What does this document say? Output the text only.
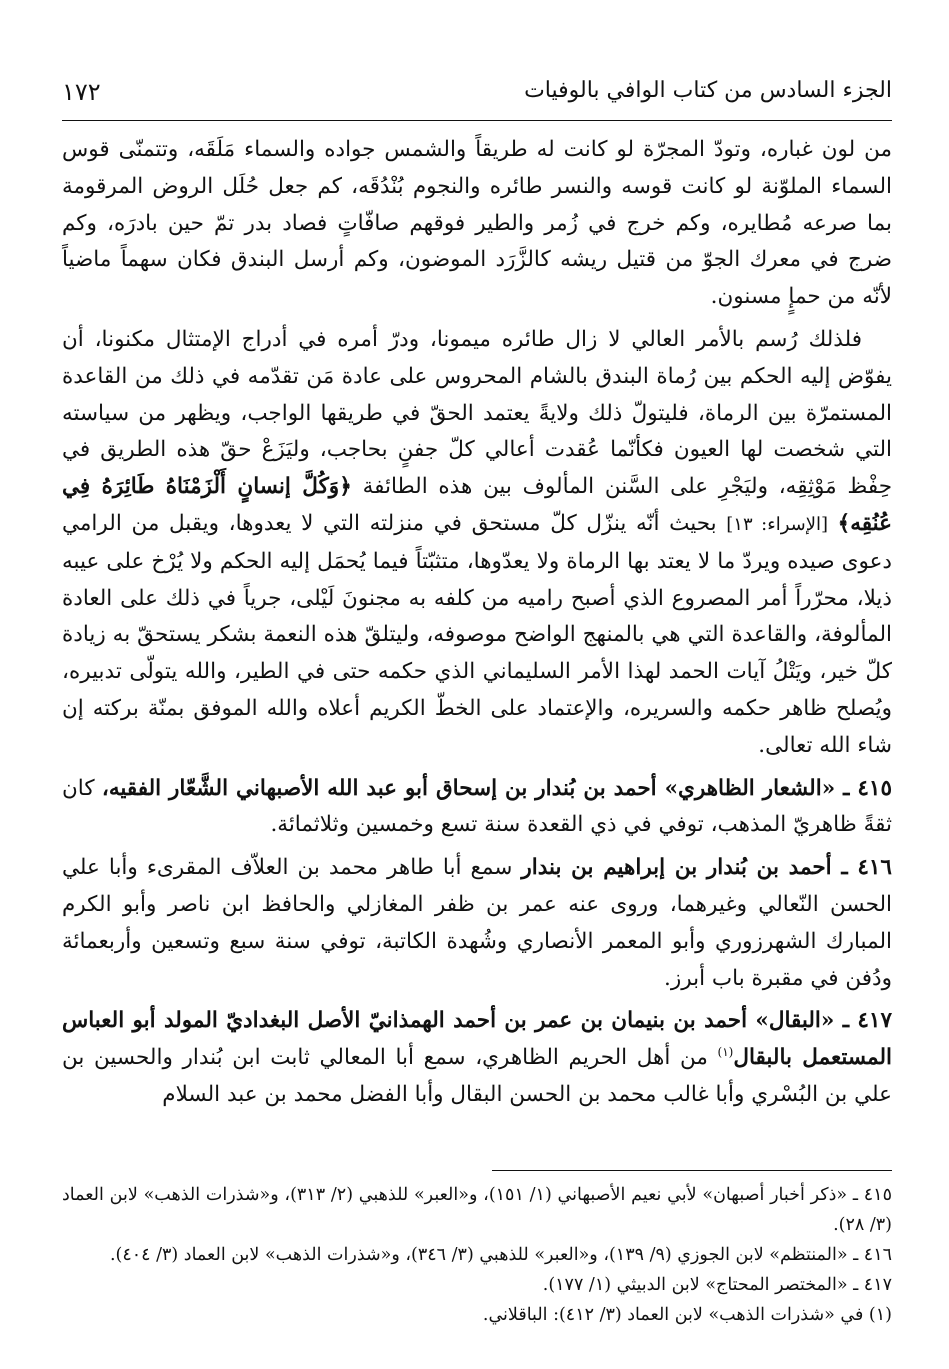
الجزء السادس من كتاب الوافي بالوفيات
١٧٢

من لون غباره، وتودّ المجرّة لو كانت له طريقاً والشمس جواده والسماء مَلَقَه، وتتمنّى قوس السماء الملوّنة لو كانت قوسه والنسر طائره والنجوم بُنْدُقَه، كم جعل حُلَل الروض المرقومة بما صرعه مُطايره، وكم خرج في زُمر والطير فوقهم صافّاتٍ فصاد بدر تمّ حين بادرَه، وكم ضرج في معرك الجوّ من قتيل ريشه كالزَّرَد الموضون، وكم أرسل البندق فكان سهماً ماضياً لأنّه من حمإٍ مسنون.

فلذلك رُسم بالأمر العالي لا زال طائره ميمونا، ودرّ أمره في أدراج الإمتثال مكنونا، أن يفوّض إليه الحكم بين رُماة البندق بالشام المحروس على عادة مَن تقدّمه في ذلك من القاعدة المستمرّة بين الرماة، فليتولّ ذلك ولايةً يعتمد الحقّ في طريقها الواجب، ويظهر من سياسته التي شخصت لها العيون فكأنّما عُقدت أعالي كلّ جفنٍ بحاجب، وليَزَعْ حقّ هذه الطريق في حِفْظ مَوْثِقِه، وليَجْرِ على السَّنن المألوف بين هذه الطائفة ﴿وَكُلَّ إنسانٍ أَلْزَمْنَاهُ طَائِرَهُ فِي عُنُقِه﴾ [الإسراء: ١٣] بحيث أنّه ينزّل كلّ مستحق في منزلته التي لا يعدوها، ويقبل من الرامي دعوى صيده ويردّ ما لا يعتد بها الرماة ولا يعدّوها، متثبّتاً فيما يُحمَل إليه الحكم ولا يُرْخ على عيبه ذيلا، محرّراً أمر المصروع الذي أصبح راميه من كلفه به مجنونَ لَيْلى، جرياً في ذلك على العادة المألوفة، والقاعدة التي هي بالمنهج الواضح موصوفه، وليتلقّ هذه النعمة بشكر يستحقّ به زيادة كلّ خير، ويَتْلُ آيات الحمد لهذا الأمر السليماني الذي حكمه حتى في الطير، والله يتولّى تدبيره، ويُصلح ظاهر حكمه والسريره، والإعتماد على الخطّ الكريم أعلاه والله الموفق بمنّة بركته إن شاء الله تعالى.

٤١٥ ـ «الشعار الظاهري» أحمد بن بُندار بن إسحاق أبو عبد الله الأصبهاني الشَّعّار الفقيه، كان ثقةً ظاهريّ المذهب، توفي في ذي القعدة سنة تسع وخمسين وثلاثمائة.

٤١٦ ـ أحمد بن بُندار بن إبراهيم بن بندار سمع أبا طاهر محمد بن العلاّف المقرىء وأبا علي الحسن النّعالي وغيرهما، وروى عنه عمر بن ظفر المغازلي والحافظ ابن ناصر وأبو الكرم المبارك الشهرزوري وأبو المعمر الأنصاري وشُهدة الكاتبة، توفي سنة سبع وتسعين وأربعمائة ودُفن في مقبرة باب أبرز.

٤١٧ ـ «البقال» أحمد بن بنيمان بن عمر بن أحمد الهمذانيّ الأصل البغداديّ المولد أبو العباس المستعمل بالبقال$^{(١)}$ من أهل الحريم الظاهري، سمع أبا المعالي ثابت ابن بُندار والحسين بن علي بن البُسْري وأبا غالب محمد بن الحسن البقال وأبا الفضل محمد بن عبد السلام

٤١٥ ـ «ذكر أخبار أصبهان» لأبي نعيم الأصبهاني (١/ ١٥١)، و«العبر» للذهبي (٢/ ٣١٣)، و«شذرات الذهب» لابن العماد (٣/ ٢٨).

٤١٦ ـ «المنتظم» لابن الجوزي (٩/ ١٣٩)، و«العبر» للذهبي (٣/ ٣٤٦)، و«شذرات الذهب» لابن العماد (٣/ ٤٠٤).

٤١٧ ـ «المختصر المحتاج» لابن الدبيثي (١/ ١٧٧).

(١) في «شذرات الذهب» لابن العماد (٣/ ٤١٢): الباقلاني.
